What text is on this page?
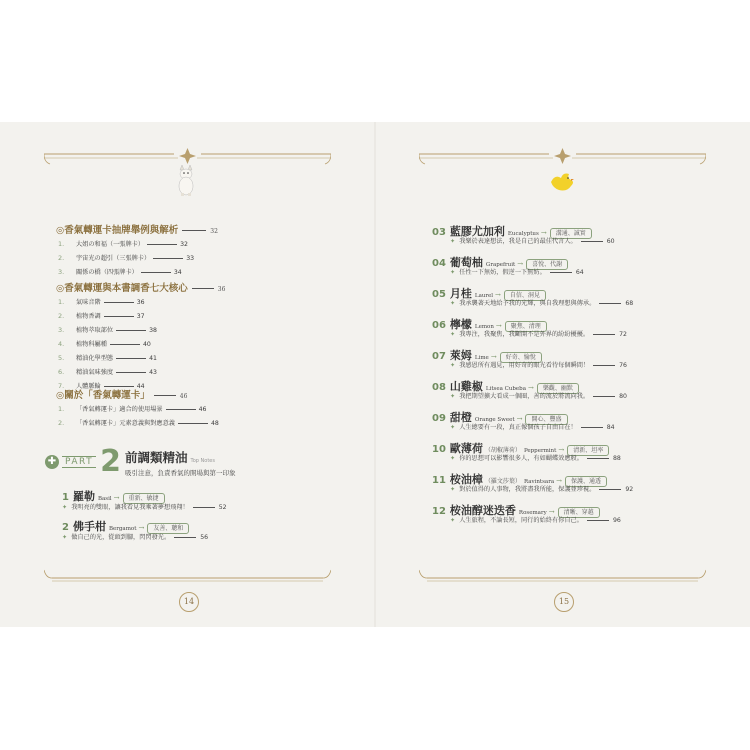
◎香氣轉運卡抽牌舉例與解析	32
1. 大姐の和福（一張牌卡）	32
2. 宇宙光の超引（三張牌卡）	33
3. 關係の橋（四張牌卡）	34
◎香氣轉運與本書調香七大核心	36
1. 氣味音階	36
2. 植物香調	37
3. 植物萃取部位	38
4. 植物科屬種	40
5. 精油化學型態	41
6. 精油氣味強度	43
7. 人體脈輪	44
◎關於「香氣轉運卡」	46
1. 「香氣轉運卡」適合的使用場景	46
2. 「香氣轉運卡」元素意義與對應意義	48
✚ PART 2 前調類精油 Top Notes
吸引注意，負責香氣的開場與第一印象
1 羅勒 Basil → 重新、敏捷
✦ 我明亮的雙眼，讓我看見我乘著夢想飛翔！	52
2 佛手柑 Bergamot → 友善、聰和
✦ 做自己的光，從頭到腳，閃閃發光。	56
14
03 藍膠尤加利 Eucalyptus → 溝通、誠實
✦ 我樂於表達想法，我是自己的最佳代言人。	60
04 葡萄柚 Grapefruit → 喜悅、代謝
✦ 任性一下無妨，假逆一下無妨。	64
05 月桂 Laurel → 自信、洞見
✦ 我承襲著天地給予我的光輝，與自我理想與傳承。	68
06 檸檬 Lemon → 聚焦、清理
✦ 我專注，我聚焦，我斷開不是外界的紛紛擾擾。	72
07 萊姆 Lime → 好奇、愉悅
✦ 我感恩所有遇見，用好奇的眼光看待每個瞬間！	76
08 山雞椒 Litsea Cubeba → 樂觀、幽默
✦ 我把期望擴大看成一個圈，善的流於將流向我。	80
09 甜橙 Orange Sweet → 開心、豐盛
✦ 人生總要有一段，真正像個孩子自由自在！	84
10 歐薄荷 （胡椒薄荷） Peppermint → 清新、坦率
✦ 你的思想可以影響很多人，有如蝴蝶效應般。	88
11 桉油樟 （羅文莎葉） Ravintsara → 保護、通透
✦ 對於值得的人事物，我將盡我所能，保護並珍視。	92
12 桉油醇迷迭香 Rosemary → 清晰、穿越
✦ 人生旅程，不論長短，同行的始終有你自己。	96
15
